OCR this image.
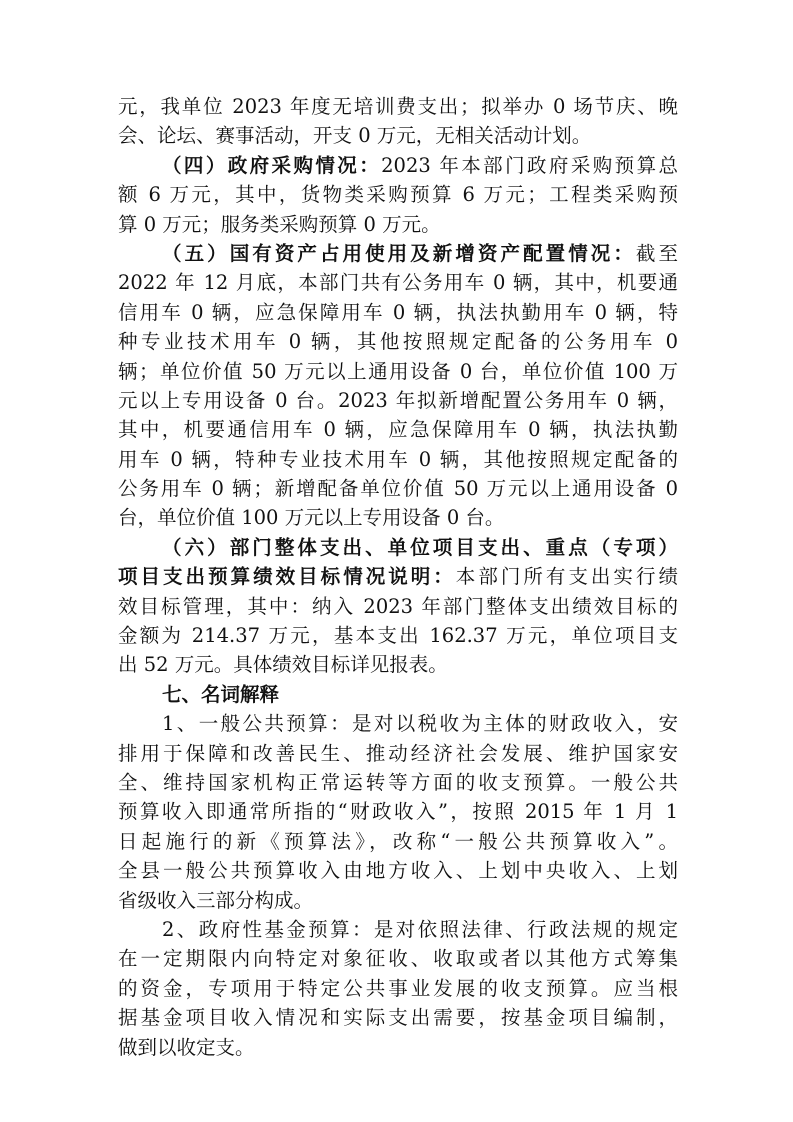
元，我单位 2023 年度无培训费支出；拟举办 0 场节庆、晚
会、论坛、赛事活动，开支 0 万元，无相关活动计划。
（四）政府采购情况：2023 年本部门政府采购预算总
额 6 万元，其中，货物类采购预算 6 万元；工程类采购预
算 0 万元；服务类采购预算 0 万元。
（五）国有资产占用使用及新增资产配置情况：截至
2022 年 12 月底，本部门共有公务用车 0 辆，其中，机要通
信用车 0 辆，应急保障用车 0 辆，执法执勤用车 0 辆，特
种专业技术用车 0 辆，其他按照规定配备的公务用车 0
辆；单位价值 50 万元以上通用设备 0 台，单位价值 100 万
元以上专用设备 0 台。2023 年拟新增配置公务用车 0 辆，
其中，机要通信用车 0 辆，应急保障用车 0 辆，执法执勤
用车 0 辆，特种专业技术用车 0 辆，其他按照规定配备的
公务用车 0 辆；新增配备单位价值 50 万元以上通用设备 0
台，单位价值 100 万元以上专用设备 0 台。
（六）部门整体支出、单位项目支出、重点（专项）
项目支出预算绩效目标情况说明：本部门所有支出实行绩
效目标管理，其中：纳入 2023 年部门整体支出绩效目标的
金额为 214.37 万元，基本支出 162.37 万元，单位项目支
出 52 万元。具体绩效目标详见报表。
七、名词解释
1、一般公共预算：是对以税收为主体的财政收入，安
排用于保障和改善民生、推动经济社会发展、维护国家安
全、维持国家机构正常运转等方面的收支预算。一般公共
预算收入即通常所指的“财政收入”，按照 2015 年 1 月 1
日起施行的新《预算法》，改称“一般公共预算收入”。
全县一般公共预算收入由地方收入、上划中央收入、上划
省级收入三部分构成。
2、政府性基金预算：是对依照法律、行政法规的规定
在一定期限内向特定对象征收、收取或者以其他方式筹集
的资金，专项用于特定公共事业发展的收支预算。应当根
据基金项目收入情况和实际支出需要，按基金项目编制，
做到以收定支。
